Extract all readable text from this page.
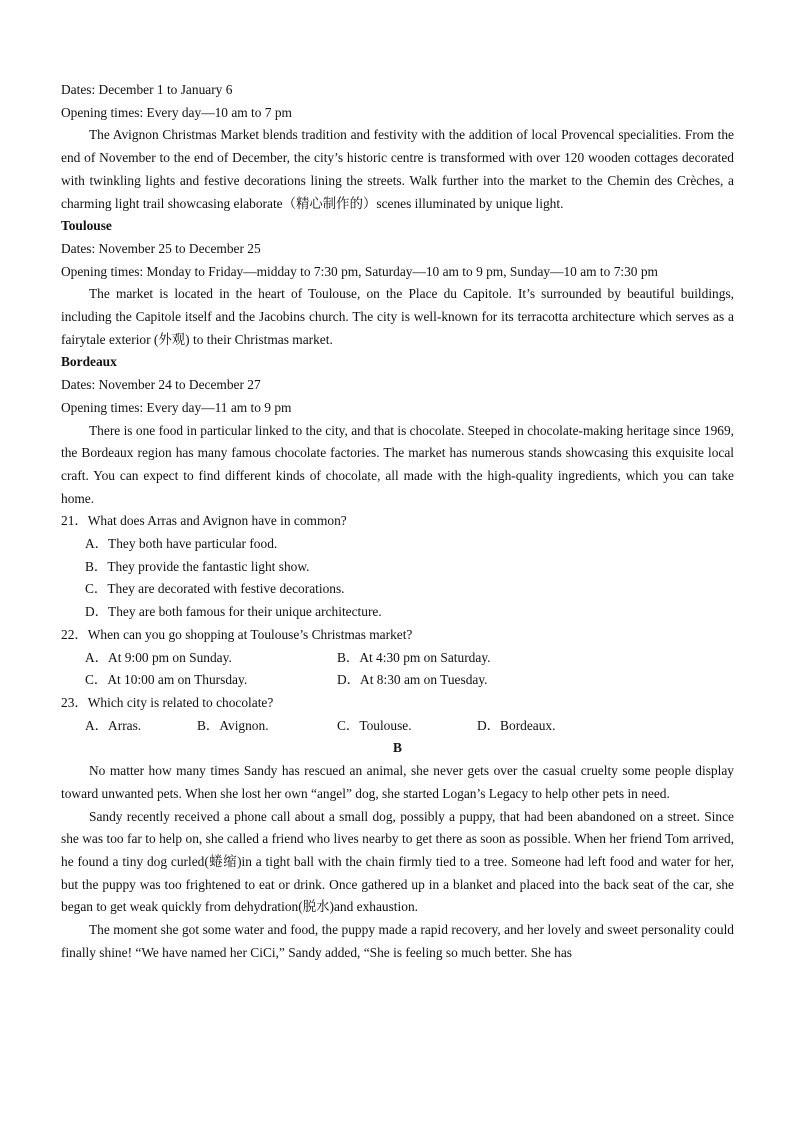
Dates: December 1 to January 6
Opening times: Every day—10 am to 7 pm

The Avignon Christmas Market blends tradition and festivity with the addition of local Provencal specialities. From the end of November to the end of December, the city’s historic centre is transformed with over 120 wooden cottages decorated with twinkling lights and festive decorations lining the streets. Walk further into the market to the Chemin des Crèches, a charming light trail showcasing elaborate（精心制作的）scenes illuminated by unique light.

Toulouse
Dates: November 25 to December 25
Opening times: Monday to Friday—midday to 7:30 pm, Saturday—10 am to 9 pm, Sunday—10 am to 7:30 pm

The market is located in the heart of Toulouse, on the Place du Capitole. It’s surrounded by beautiful buildings, including the Capitole itself and the Jacobins church. The city is well-known for its terracotta architecture which serves as a fairytale exterior (外观) to their Christmas market.

Bordeaux
Dates: November 24 to December 27
Opening times: Every day—11 am to 9 pm

There is one food in particular linked to the city, and that is chocolate. Steeped in chocolate-making heritage since 1969, the Bordeaux region has many famous chocolate factories. The market has numerous stands showcasing this exquisite local craft. You can expect to find different kinds of chocolate, all made with the high-quality ingredients, which you can take home.

21．What does Arras and Avignon have in common?
A．They both have particular food.
B．They provide the fantastic light show.
C．They are decorated with festive decorations.
D．They are both famous for their unique architecture.
22．When can you go shopping at Toulouse’s Christmas market?
A．At 9:00 pm on Sunday.	B．At 4:30 pm on Saturday.
C．At 10:00 am on Thursday.	D．At 8:30 am on Tuesday.
23．Which city is related to chocolate?
A．Arras.	B．Avignon.	C．Toulouse.	D．Bordeaux.
B

No matter how many times Sandy has rescued an animal, she never gets over the casual cruelty some people display toward unwanted pets. When she lost her own “angel” dog, she started Logan’s Legacy to help other pets in need.

Sandy recently received a phone call about a small dog, possibly a puppy, that had been abandoned on a street. Since she was too far to help on, she called a friend who lives nearby to get there as soon as possible. When her friend Tom arrived, he found a tiny dog curled(蜷缩)in a tight ball with the chain firmly tied to a tree. Someone had left food and water for her, but the puppy was too frightened to eat or drink. Once gathered up in a blanket and placed into the back seat of the car, she began to get weak quickly from dehydration(脱水)and exhaustion.

The moment she got some water and food, the puppy made a rapid recovery, and her lovely and sweet personality could finally shine! “We have named her CiCi,” Sandy added, “She is feeling so much better. She has
